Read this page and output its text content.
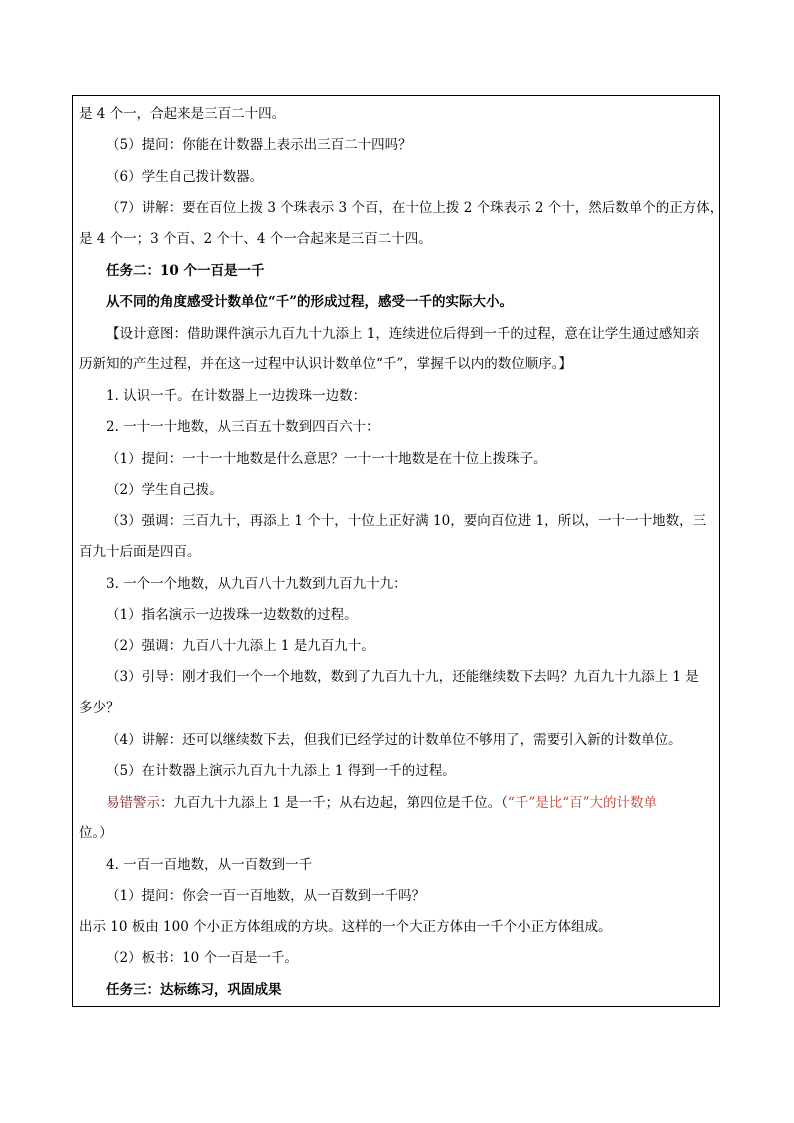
是 4 个一，合起来是三百二十四。
（5）提问：你能在计数器上表示出三百二十四吗？
（6）学生自己拨计数器。
（7）讲解：要在百位上拨 3 个珠表示 3 个百，在十位上拨 2 个珠表示 2 个十，然后数单个的正方体，
是 4 个一；3 个百、2 个十、4 个一合起来是三百二十四。
任务二：10 个一百是一千
从不同的角度感受计数单位“千”的形成过程，感受一千的实际大小。
【设计意图：借助课件演示九百九十九添上 1，连续进位后得到一千的过程，意在让学生通过感知亲
历新知的产生过程，并在这一过程中认识计数单位“千”，掌握千以内的数位顺序。】
1. 认识一千。在计数器上一边拨珠一边数：
2. 一十一十地数，从三百五十数到四百六十：
（1）提问：一十一十地数是什么意思？一十一十地数是在十位上拨珠子。
（2）学生自己拨。
（3）强调：三百九十，再添上 1 个十，十位上正好满 10，要向百位进 1，所以，一十一十地数，三
百九十后面是四百。
3. 一个一个地数，从九百八十九数到九百九十九：
（1）指名演示一边拨珠一边数数的过程。
（2）强调：九百八十九添上 1 是九百九十。
（3）引导：刚才我们一个一个地数，数到了九百九十九，还能继续数下去吗？九百九十九添上 1 是
多少？
（4）讲解：还可以继续数下去，但我们已经学过的计数单位不够用了，需要引入新的计数单位。
（5）在计数器上演示九百九十九添上 1 得到一千的过程。
易错警示：九百九十九添上 1 是一千；从右边起，第四位是千位。（“千”是比“百”大的计数单
位。）
4. 一百一百地数，从一百数到一千
（1）提问：你会一百一百地数，从一百数到一千吗？
出示 10 板由 100 个小正方体组成的方块。这样的一个大正方体由一千个小正方体组成。
（2）板书：10 个一百是一千。
任务三：达标练习，巩固成果
